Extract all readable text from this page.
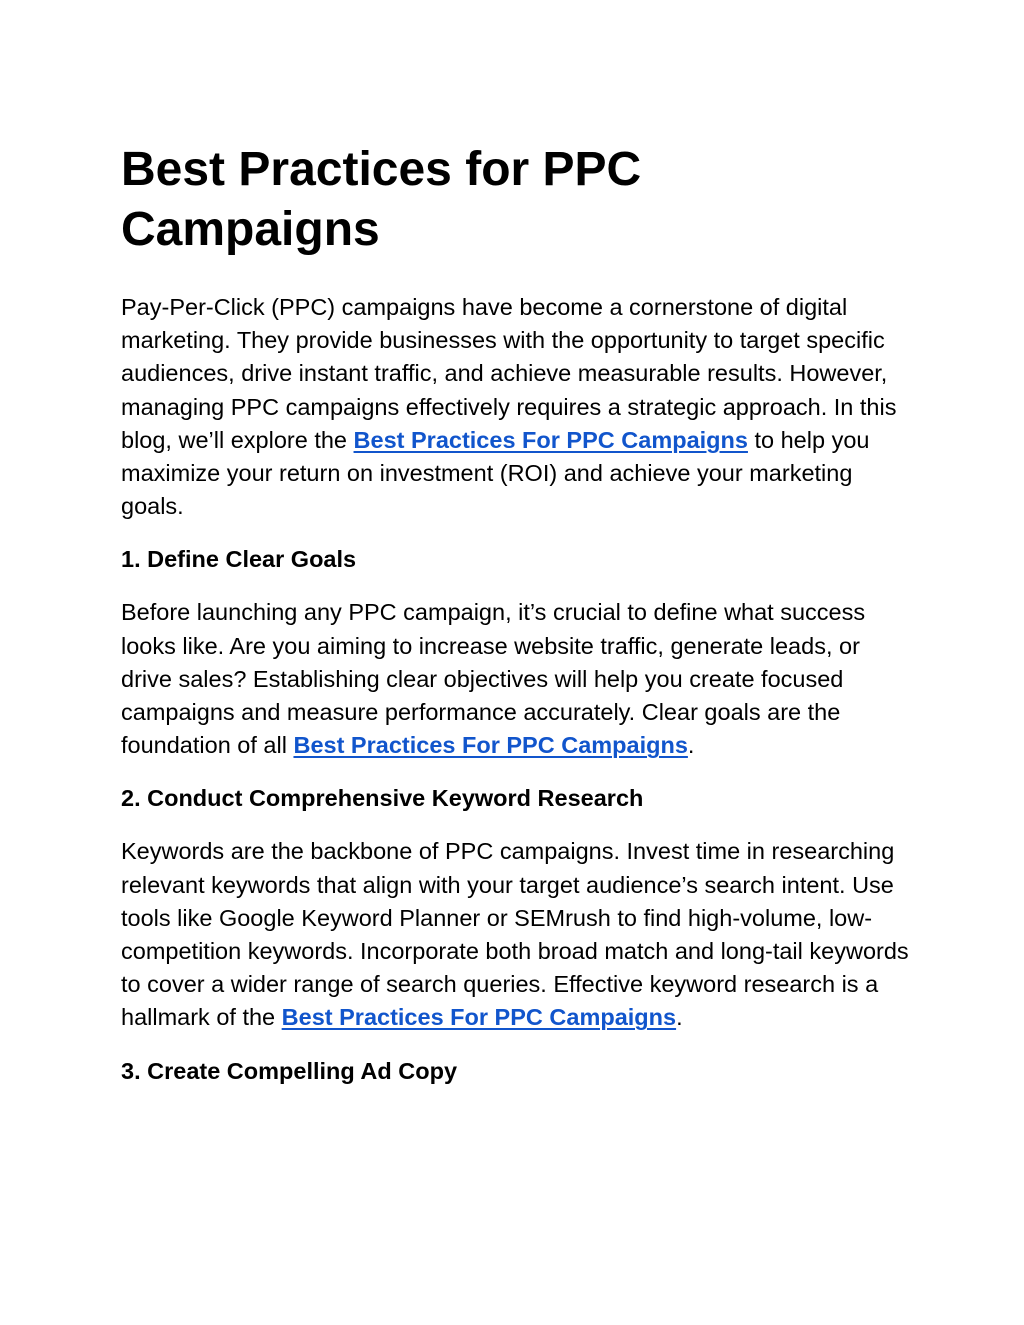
Best Practices for PPC
Campaigns

Pay-Per-Click (PPC) campaigns have become a cornerstone of digital marketing. They provide businesses with the opportunity to target specific audiences, drive instant traffic, and achieve measurable results. However, managing PPC campaigns effectively requires a strategic approach. In this blog, we’ll explore the Best Practices For PPC Campaigns to help you maximize your return on investment (ROI) and achieve your marketing goals.

1. Define Clear Goals

Before launching any PPC campaign, it’s crucial to define what success looks like. Are you aiming to increase website traffic, generate leads, or drive sales? Establishing clear objectives will help you create focused campaigns and measure performance accurately. Clear goals are the foundation of all Best Practices For PPC Campaigns.

2. Conduct Comprehensive Keyword Research

Keywords are the backbone of PPC campaigns. Invest time in researching relevant keywords that align with your target audience’s search intent. Use tools like Google Keyword Planner or SEMrush to find high-volume, low-competition keywords. Incorporate both broad match and long-tail keywords to cover a wider range of search queries. Effective keyword research is a hallmark of the Best Practices For PPC Campaigns.

3. Create Compelling Ad Copy
